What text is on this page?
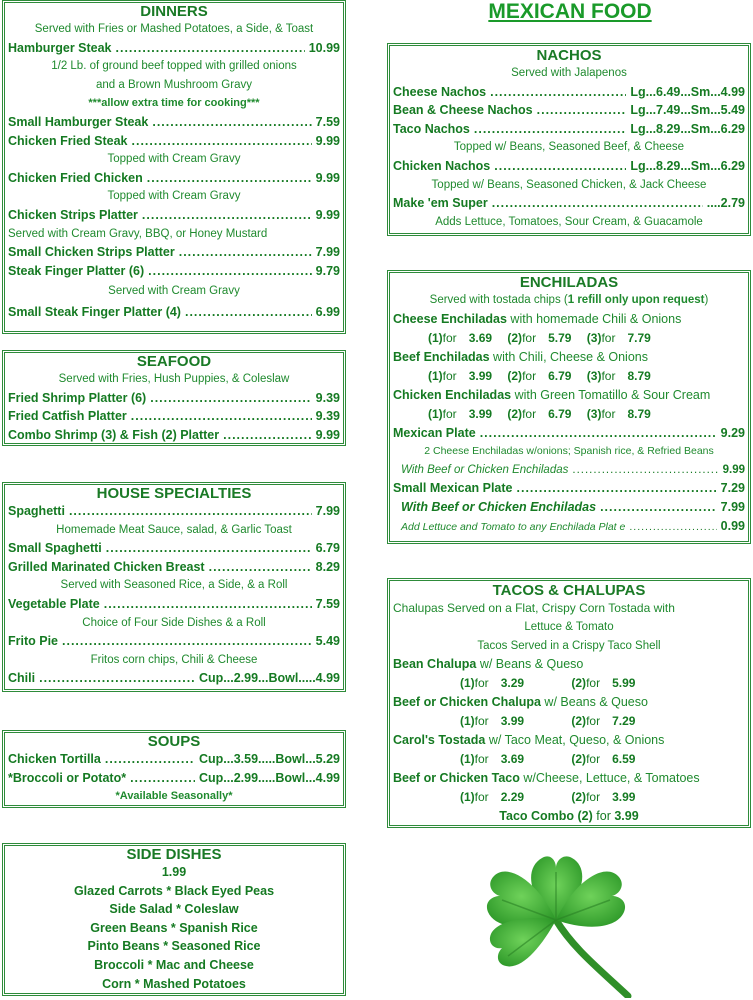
MEXICAN FOOD
DINNERS
Served with Fries or Mashed Potatoes, a Side, & Toast
Hamburger Steak .....	10.99
1/2 Lb. of ground beef topped with grilled onions
and a Brown Mushroom Gravy
***allow extra time for cooking***
Small Hamburger Steak .....	7.59
Chicken Fried Steak .....	9.99
Topped with Cream Gravy
Chicken Fried Chicken .....	9.99
Topped with Cream Gravy
Chicken Strips Platter .....	9.99
Served with Cream Gravy, BBQ, or Honey Mustard
Small Chicken Strips Platter .....	7.99
Steak Finger Platter (6) .....	9.79
Served with Cream Gravy
Small Steak Finger Platter (4) .....	6.99
SEAFOOD
Served with Fries, Hush Puppies, & Coleslaw
Fried Shrimp Platter (6) .....	9.39
Fried Catfish Platter .....	9.39
Combo Shrimp (3) & Fish (2) Platter .....	9.99
HOUSE SPECIALTIES
Spaghetti .....	7.99
Homemade Meat Sauce, salad, & Garlic Toast
Small Spaghetti .....	6.79
Grilled Marinated Chicken Breast .....	8.29
Served with Seasoned Rice, a Side, & a Roll
Vegetable Plate .....	7.59
Choice of Four Side Dishes & a Roll
Frito Pie .....	5.49
Fritos corn chips, Chili & Cheese
Chili .....	Cup...2.99...Bowl.....4.99
SOUPS
Chicken Tortilla .....	Cup...3.59.....Bowl...5.29
*Broccoli or Potato* .....	Cup...2.99.....Bowl...4.99
*Available Seasonally*
SIDE DISHES
1.99
Glazed Carrots * Black Eyed Peas
Side Salad * Coleslaw
Green Beans * Spanish Rice
Pinto Beans * Seasoned Rice
Broccoli * Mac and Cheese
Corn * Mashed Potatoes
NACHOS
Served with Jalapenos
Cheese Nachos .....	Lg...6.49...Sm...4.99
Bean & Cheese Nachos .....	Lg...7.49...Sm...5.49
Taco Nachos .....	Lg...8.29...Sm...6.29
Topped w/ Beans, Seasoned Beef, & Cheese
Chicken Nachos .....	Lg...8.29...Sm...6.29
Topped w/ Beans, Seasoned Chicken, & Jack Cheese
Make 'em Super .....	....2.79
Adds Lettuce, Tomatoes, Sour Cream, & Guacamole
ENCHILADAS
Served with tostada chips (1 refill only upon request)
Cheese Enchiladas with homemade Chili & Onions
(1)for3.69 (2)for5.79 (3)for7.79
Beef Enchiladas with Chili, Cheese & Onions
(1)for3.99 (2)for6.79 (3)for8.79
Chicken Enchiladas with Green Tomatillo & Sour Cream
(1)for3.99 (2)for6.79 (3)for8.79
Mexican Plate .....	9.29
2 Cheese Enchiladas w/onions; Spanish rice, & Refried Beans
With Beef or Chicken Enchiladas .....	9.99
Small Mexican Plate .....	7.29
With Beef or Chicken Enchiladas .....	7.99
Add Lettuce and Tomato to any Enchilada Plat e .....	0.99
TACOS & CHALUPAS
Chalupas Served on a Flat, Crispy Corn Tostada with
Lettuce & Tomato
Tacos Served in a Crispy Taco Shell
Bean Chalupa w/ Beans & Queso
(1)for3.29	(2)for5.99
Beef or Chicken Chalupa w/ Beans & Queso
(1)for3.99	(2)for7.29
Carol's Tostada w/ Taco Meat, Queso, & Onions
(1)for3.69	(2)for6.59
Beef or Chicken Taco w/Cheese, Lettuce, & Tomatoes
(1)for2.29	(2)for3.99
Taco Combo (2) for 3.99
